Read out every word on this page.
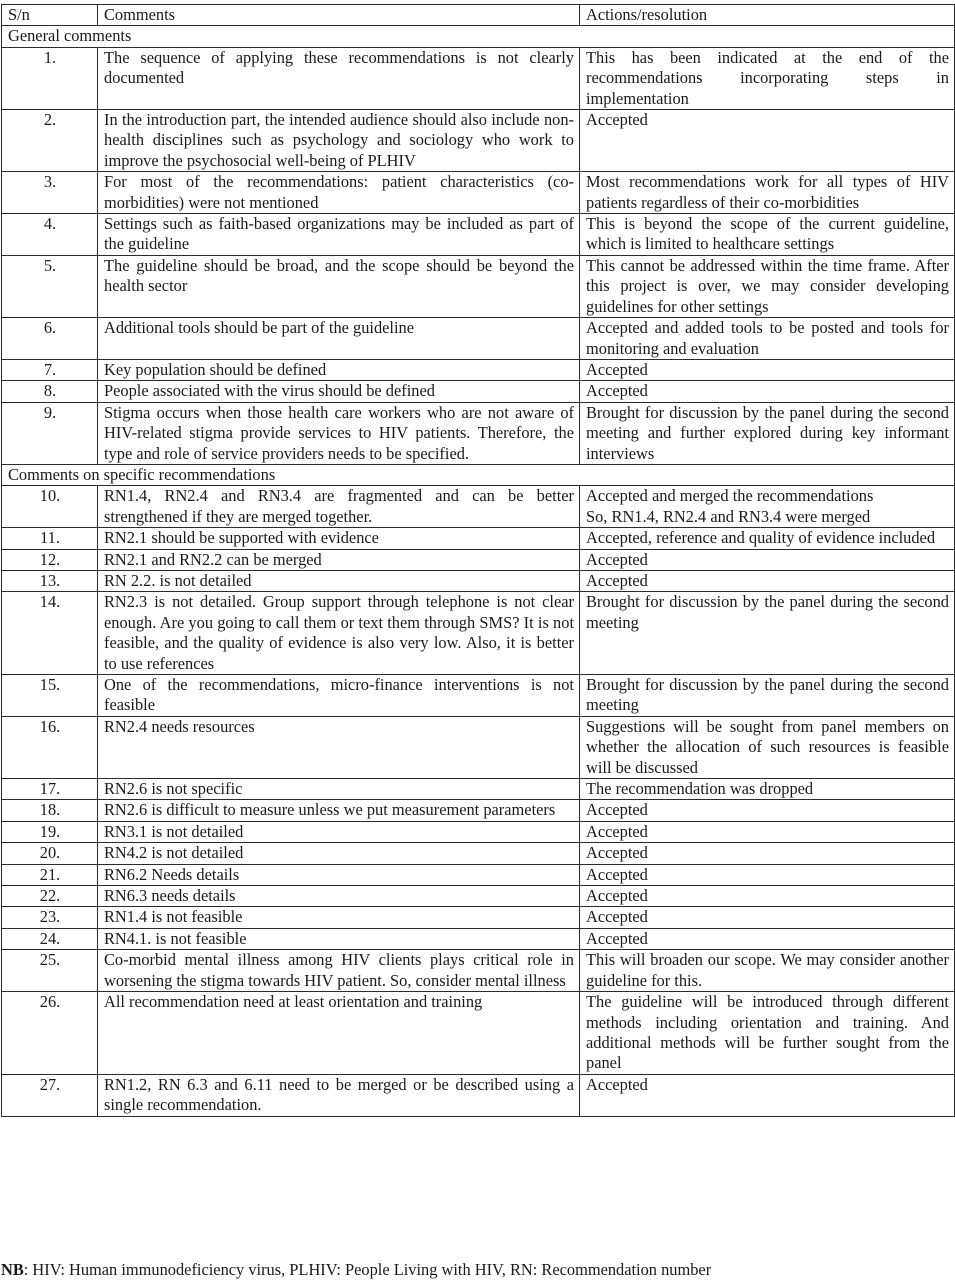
S/n	Comments	Actions/resolution
General comments		
1.	The sequence of applying these recommendations is not clearly documented	This has been indicated at the end of the recommendations incorporating steps in implementation
2.	In the introduction part, the intended audience should also include non-health disciplines such as psychology and sociology who work to improve the psychosocial well-being of PLHIV	Accepted
3.	For most of the recommendations: patient characteristics (co-morbidities) were not mentioned	Most recommendations work for all types of HIV patients regardless of their co-morbidities
4.	Settings such as faith-based organizations may be included as part of the guideline	This is beyond the scope of the current guideline, which is limited to healthcare settings
5.	The guideline should be broad, and the scope should be beyond the health sector	This cannot be addressed within the time frame. After this project is over, we may consider developing guidelines for other settings
6.	Additional tools should be part of the guideline	Accepted and added tools to be posted and tools for monitoring and evaluation
7.	Key population should be defined	Accepted
8.	People associated with the virus should be defined	Accepted
9.	Stigma occurs when those health care workers who are not aware of HIV-related stigma provide services to HIV patients. Therefore, the type and role of service providers needs to be specified.	Brought for discussion by the panel during the second meeting and further explored during key informant interviews
Comments on specific recommendations		
10.	RN1.4, RN2.4 and RN3.4 are fragmented and can be better strengthened if they are merged together.	Accepted and merged the recommendations
So, RN1.4, RN2.4 and RN3.4 were merged
11.	RN2.1 should be supported with evidence	Accepted, reference and quality of evidence included
12.	RN2.1 and RN2.2 can be merged	Accepted
13.	RN 2.2. is not detailed	Accepted
14.	RN2.3 is not detailed. Group support through telephone is not clear enough. Are you going to call them or text them through SMS? It is not feasible, and the quality of evidence is also very low. Also, it is better to use references	Brought for discussion by the panel during the second meeting
15.	One of the recommendations, micro-finance interventions is not feasible	Brought for discussion by the panel during the second meeting
16.	RN2.4 needs resources	Suggestions will be sought from panel members on whether the allocation of such resources is feasible will be discussed
17.	RN2.6 is not specific	The recommendation was dropped
18.	RN2.6 is difficult to measure unless we put measurement parameters	Accepted
19.	RN3.1 is not detailed	Accepted
20.	RN4.2 is not detailed	Accepted
21.	RN6.2 Needs details	Accepted
22.	RN6.3 needs details	Accepted
23.	RN1.4 is not feasible	Accepted
24.	RN4.1. is not feasible	Accepted
25.	Co-morbid mental illness among HIV clients plays critical role in worsening the stigma towards HIV patient. So, consider mental illness	This will broaden our scope. We may consider another guideline for this.
26.	All recommendation need at least orientation and training	The guideline will be introduced through different methods including orientation and training. And additional methods will be further sought from the panel
27.	RN1.2, RN 6.3 and 6.11 need to be merged or be described using a single recommendation.	Accepted
NB: HIV: Human immunodeficiency virus, PLHIV: People Living with HIV, RN: Recommendation number
